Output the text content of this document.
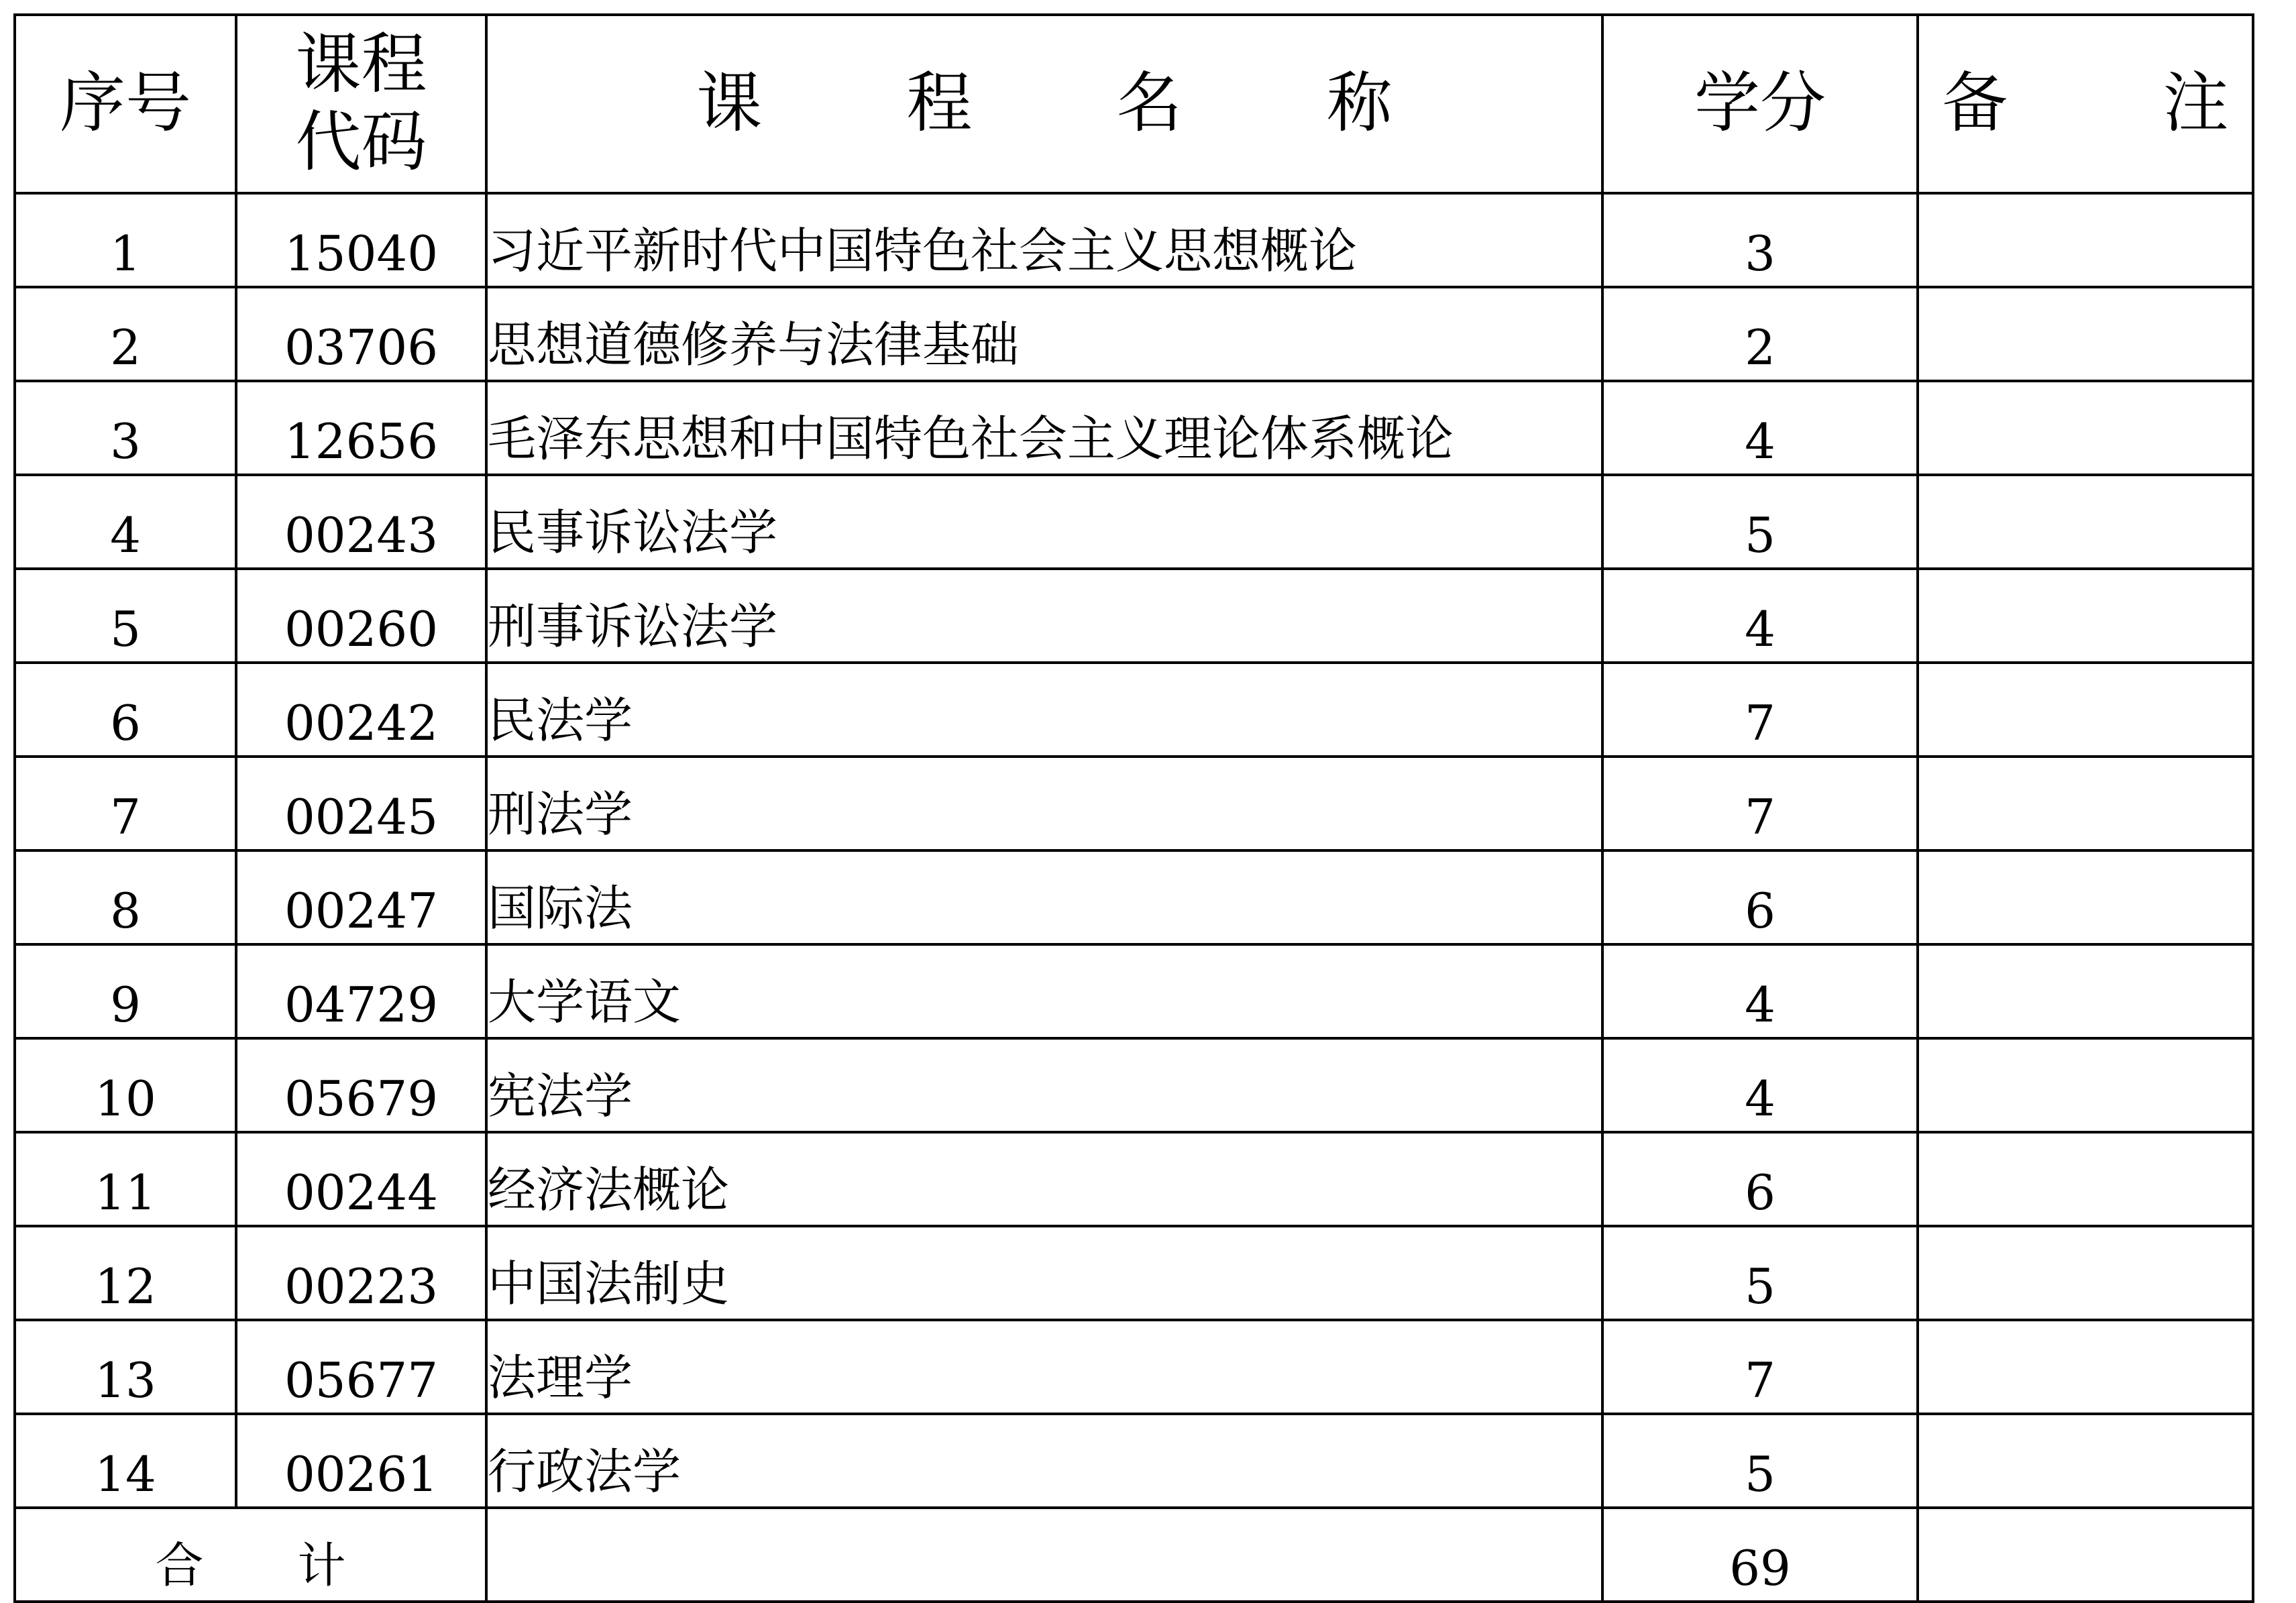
序号	课程代码	课 程 名 称	学分	备 注
1	15040	习近平新时代中国特色社会主义思想概论	3	
2	03706	思想道德修养与法律基础	2	
3	12656	毛泽东思想和中国特色社会主义理论体系概论	4	
4	00243	民事诉讼法学	5	
5	00260	刑事诉讼法学	4	
6	00242	民法学	7	
7	00245	刑法学	7	
8	00247	国际法	6	
9	04729	大学语文	4	
10	05679	宪法学	4	
11	00244	经济法概论	6	
12	00223	中国法制史	5	
13	05677	法理学	7	
14	00261	行政法学	5	
合计			69	
